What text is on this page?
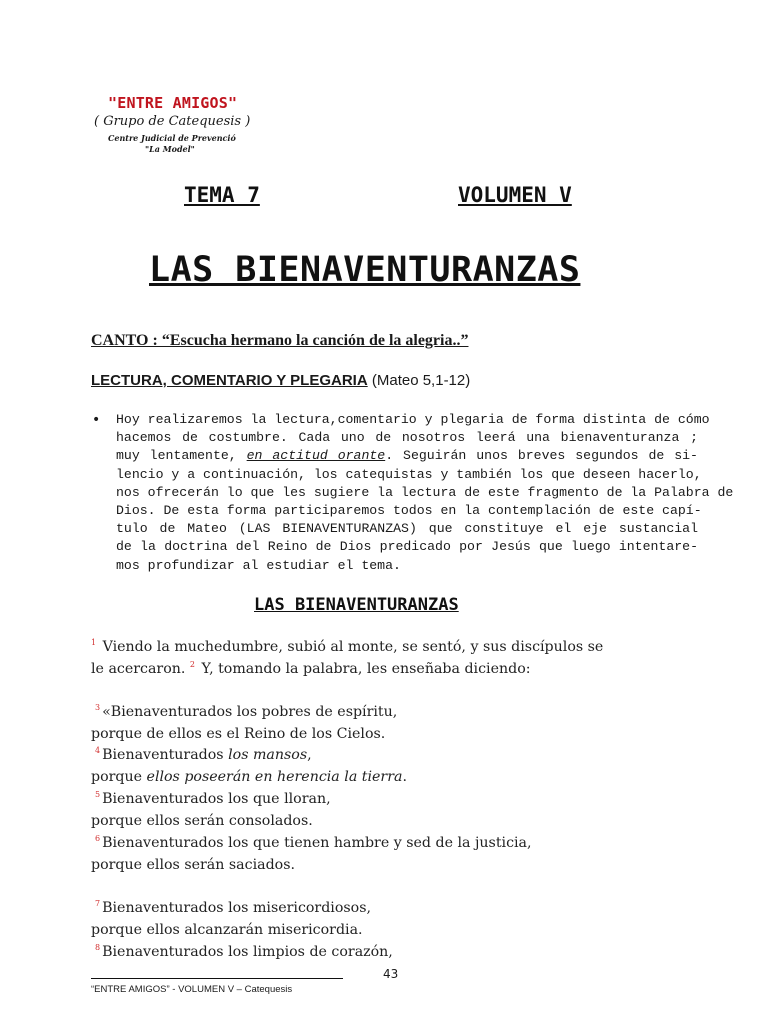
"ENTRE AMIGOS"
( Grupo de Catequesis )
Centre Judicial de Prevenció
"La Model"
TEMA 7	VOLUMEN V
LAS BIENAVENTURANZAS
CANTO : “Escucha hermano la canción de la alegria..”
LECTURA, COMENTARIO Y PLEGARIA (Mateo 5,1-12)
• Hoy realizaremos la lectura,comentario y plegaria de forma distinta de cómo
hacemos de costumbre. Cada uno de nosotros leerá una bienaventuranza ;
muy lentamente, en actitud orante. Seguirán unos breves segundos de si-
lencio y a continuación, los catequistas y también los que deseen hacerlo,
nos ofrecerán lo que les sugiere la lectura de este fragmento de la Palabra de
Dios. De esta forma participaremos todos en la contemplación de este capí-
tulo de Mateo (LAS BIENAVENTURANZAS) que constituye el eje sustancial
de la doctrina del Reino de Dios predicado por Jesús que luego intentare-
mos profundizar al estudiar el tema.
LAS BIENAVENTURANZAS
$^1$ Viendo la muchedumbre, subió al monte, se sentó, y sus discípulos se
le acercaron. $^2$ Y, tomando la palabra, les enseñaba diciendo:
$^3$ «Bienaventurados los pobres de espíritu,
porque de ellos es el Reino de los Cielos.
$^4$ Bienaventurados los mansos,
porque ellos poseerán en herencia la tierra.
$^5$ Bienaventurados los que lloran,
porque ellos serán consolados.
$^6$ Bienaventurados los que tienen hambre y sed de la justicia,
porque ellos serán saciados.
$^7$ Bienaventurados los misericordiosos,
porque ellos alcanzarán misericordia.
$^8$ Bienaventurados los limpios de corazón,
43
“ENTRE AMIGOS” - VOLUMEN V – Catequesis
